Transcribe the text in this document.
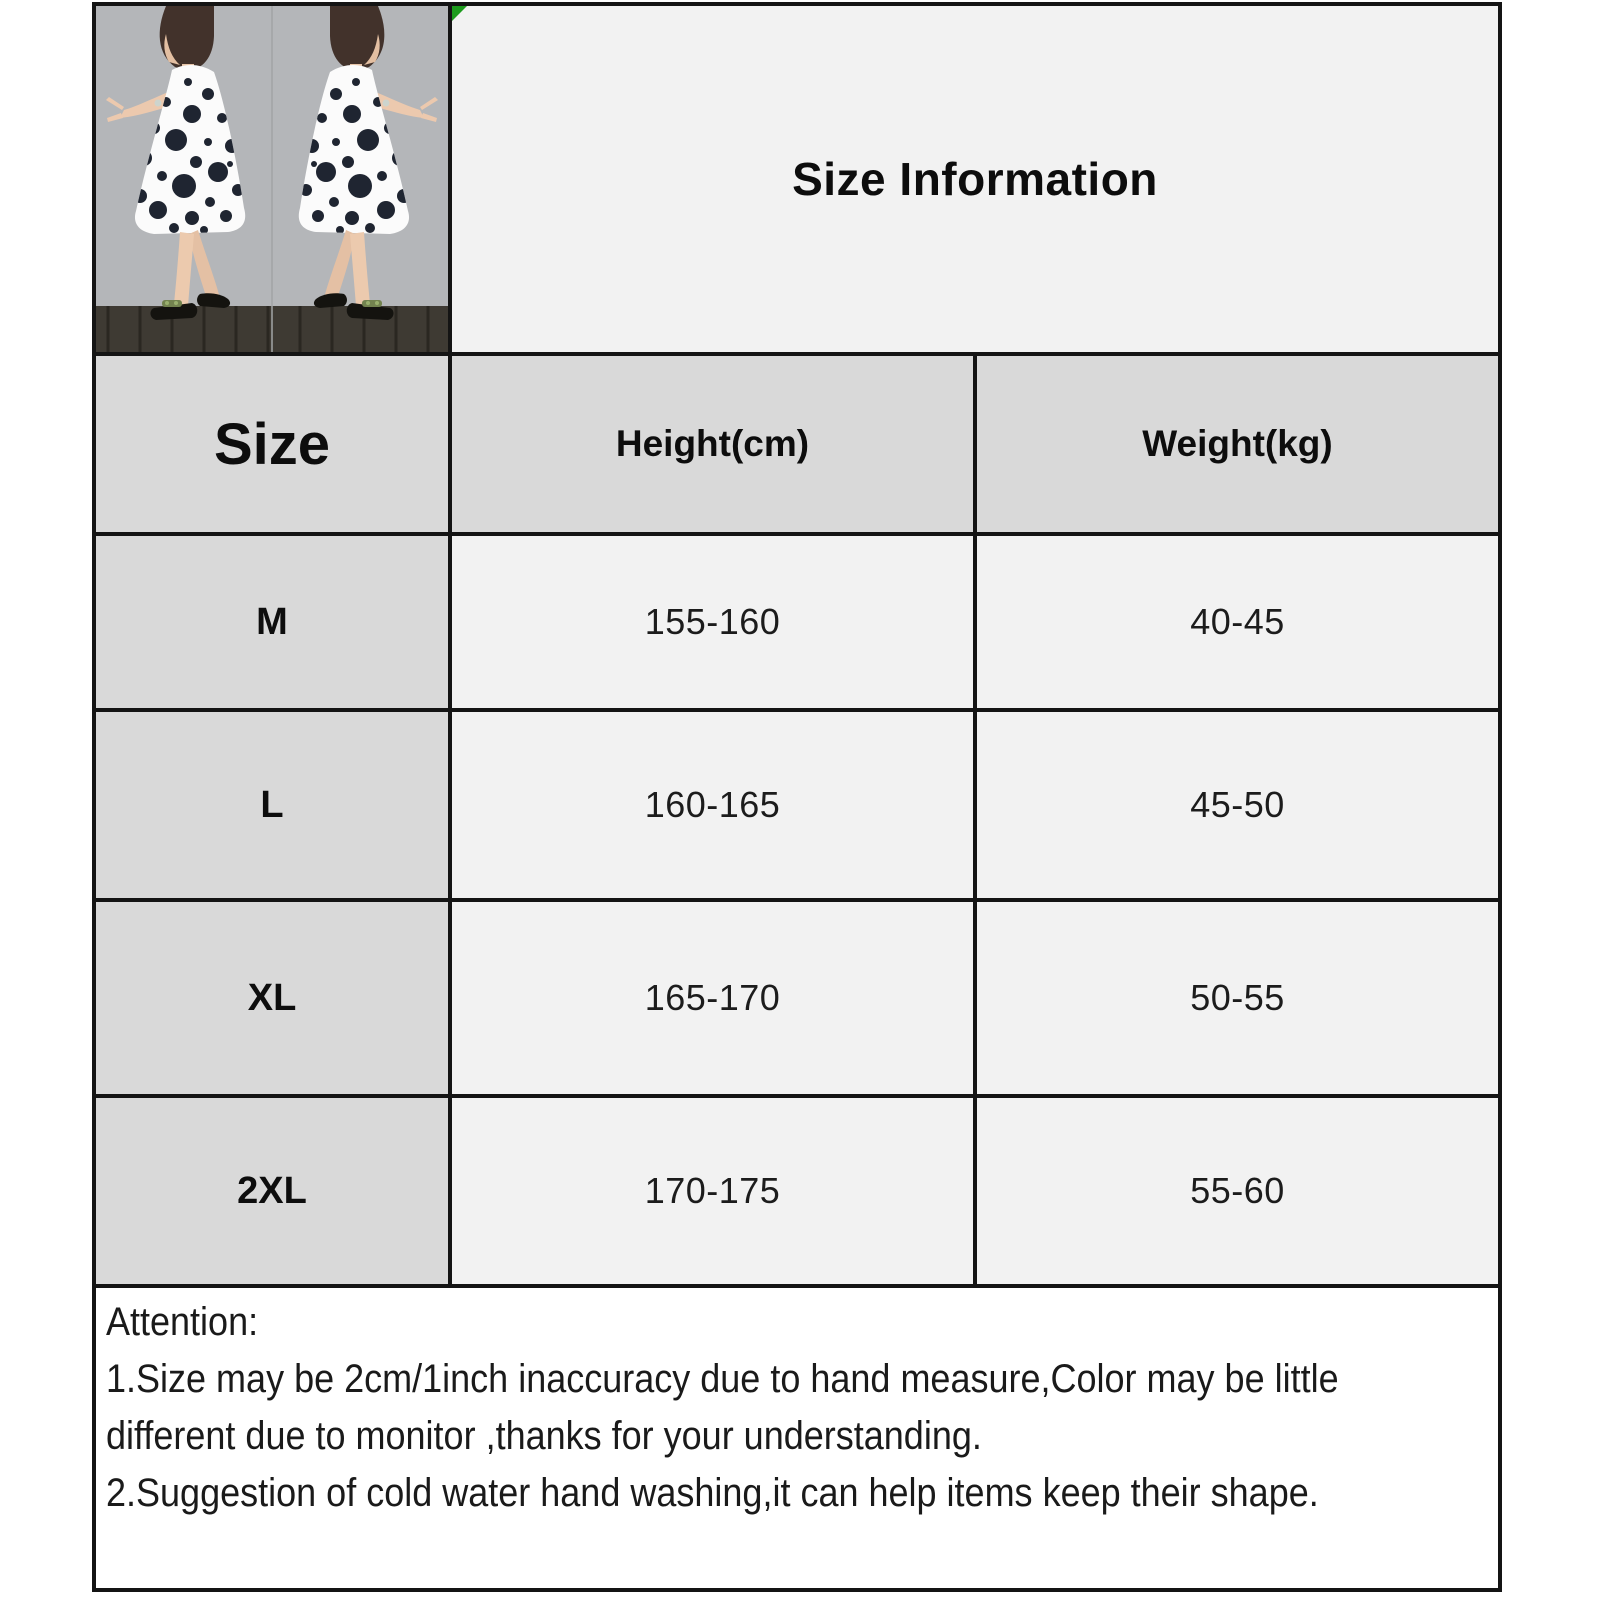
Size Information
Size	Height(cm)	Weight(kg)
M	155-160	40-45
L	160-165	45-50
XL	165-170	50-55
2XL	170-175	55-60
Attention:
1.Size may be 2cm/1inch inaccuracy due to hand measure,Color may be little
different due to monitor ,thanks for your understanding.
2.Suggestion of cold water hand washing,it can help items keep their shape.
